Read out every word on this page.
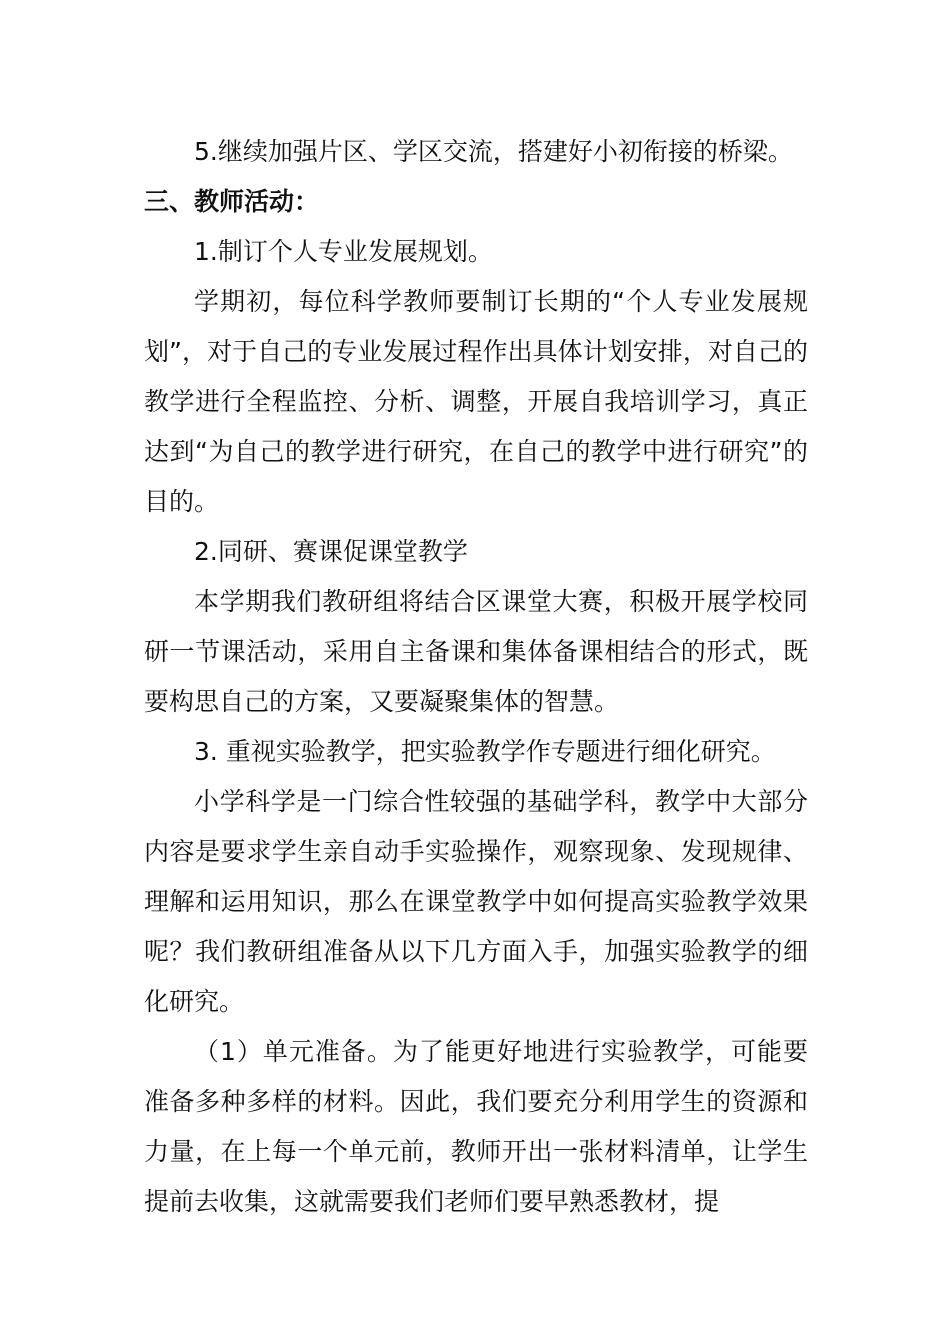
5.继续加强片区、学区交流，搭建好小初衔接的桥梁。

三、教师活动：

1.制订个人专业发展规划。

学期初，每位科学教师要制订长期的“个人专业发展规划”，对于自己的专业发展过程作出具体计划安排，对自己的教学进行全程监控、分析、调整，开展自我培训学习，真正达到“为自己的教学进行研究，在自己的教学中进行研究”的目的。

2.同研、赛课促课堂教学

本学期我们教研组将结合区课堂大赛，积极开展学校同研一节课活动，采用自主备课和集体备课相结合的形式，既要构思自己的方案，又要凝聚集体的智慧。

3. 重视实验教学，把实验教学作专题进行细化研究。

小学科学是一门综合性较强的基础学科，教学中大部分内容是要求学生亲自动手实验操作，观察现象、发现规律、理解和运用知识，那么在课堂教学中如何提高实验教学效果呢？我们教研组准备从以下几方面入手，加强实验教学的细化研究。

（1）单元准备。为了能更好地进行实验教学，可能要准备多种多样的材料。因此，我们要充分利用学生的资源和力量，在上每一个单元前，教师开出一张材料清单，让学生提前去收集，这就需要我们老师们要早熟悉教材，提
